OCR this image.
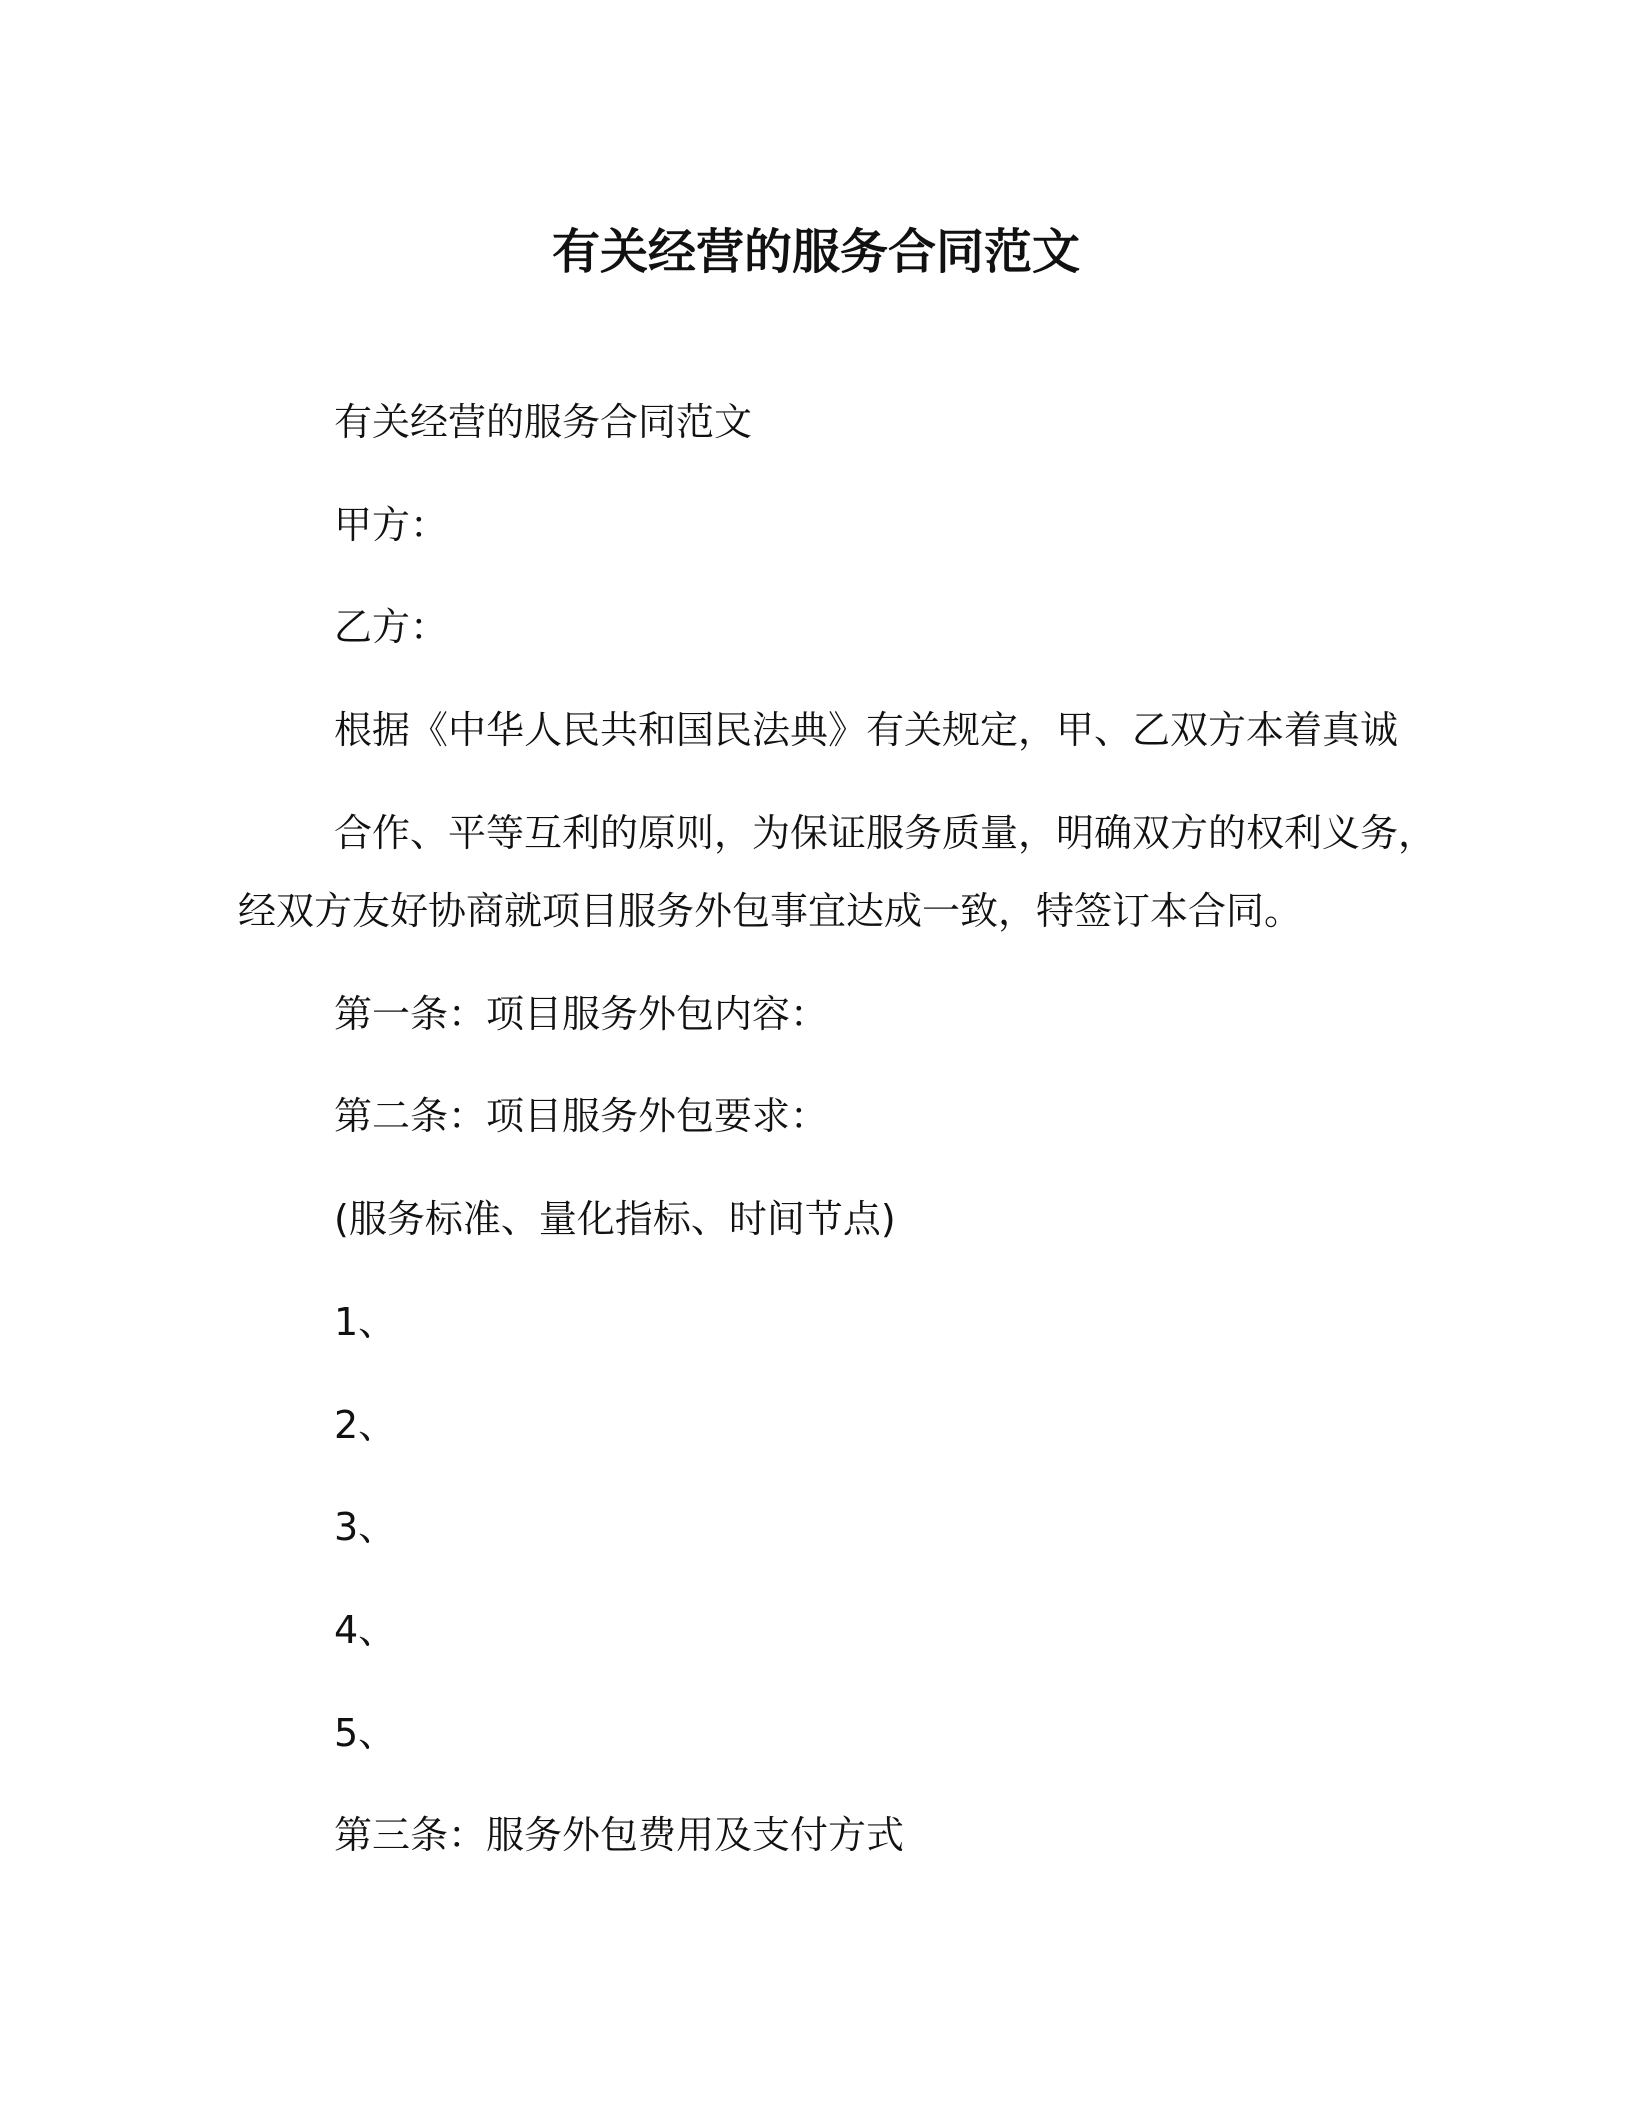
有关经营的服务合同范文
有关经营的服务合同范文
甲方：
乙方：
根据《中华人民共和国民法典》有关规定，甲、乙双方本着真诚
合作、平等互利的原则，为保证服务质量，明确双方的权利义务，
经双方友好协商就项目服务外包事宜达成一致，特签订本合同。
第一条：项目服务外包内容：
第二条：项目服务外包要求：
(服务标准、量化指标、时间节点)
1、
2、
3、
4、
5、
第三条：服务外包费用及支付方式
